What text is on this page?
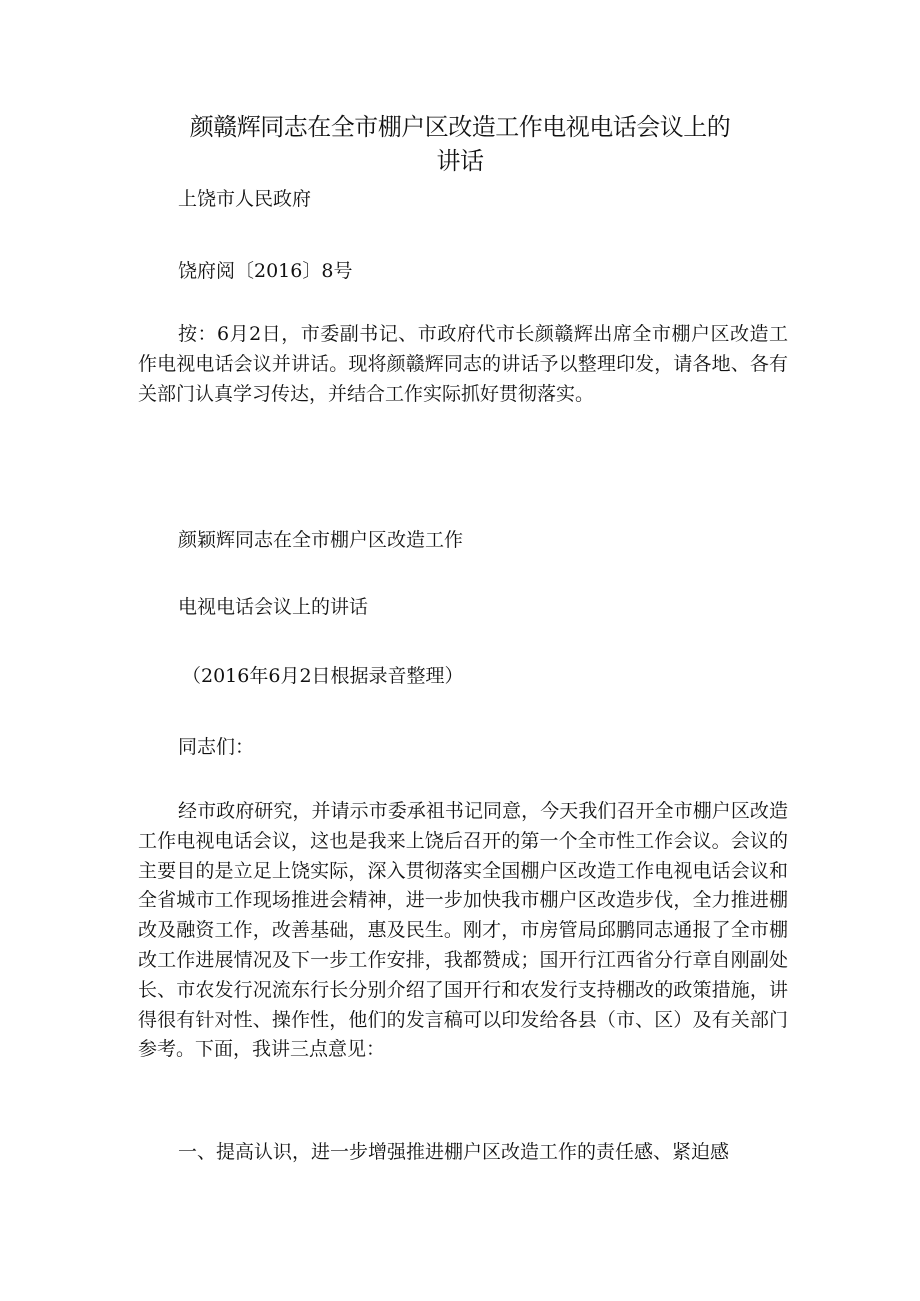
颜赣辉同志在全市棚户区改造工作电视电话会议上的
讲话
上饶市人民政府
饶府阅〔2016〕8号
按：6月2日，市委副书记、市政府代市长颜赣辉出席全市棚户区改造工作电视电话会议并讲话。现将颜赣辉同志的讲话予以整理印发，请各地、各有关部门认真学习传达，并结合工作实际抓好贯彻落实。
颜颖辉同志在全市棚户区改造工作
电视电话会议上的讲话
（2016年6月2日根据录音整理）
同志们：
经市政府研究，并请示市委承祖书记同意，今天我们召开全市棚户区改造工作电视电话会议，这也是我来上饶后召开的第一个全市性工作会议。会议的主要目的是立足上饶实际，深入贯彻落实全国棚户区改造工作电视电话会议和全省城市工作现场推进会精神，进一步加快我市棚户区改造步伐，全力推进棚改及融资工作，改善基础，惠及民生。刚才，市房管局邱鹏同志通报了全市棚改工作进展情况及下一步工作安排，我都赞成；国开行江西省分行章自刚副处长、市农发行况流东行长分别介绍了国开行和农发行支持棚改的政策措施，讲得很有针对性、操作性，他们的发言稿可以印发给各县（市、区）及有关部门参考。下面，我讲三点意见：
一、提高认识，进一步增强推进棚户区改造工作的责任感、紧迫感
